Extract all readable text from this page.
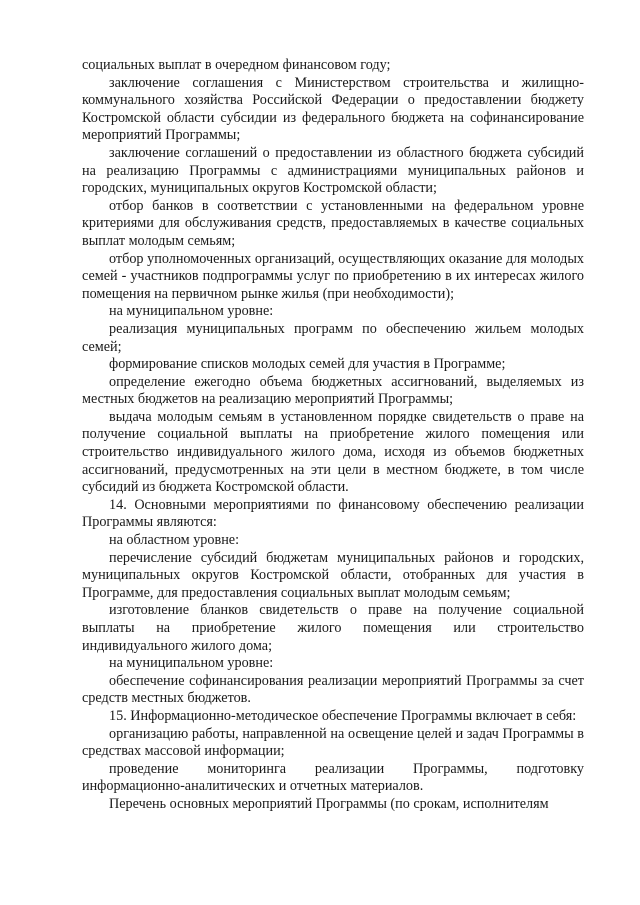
социальных выплат в очередном финансовом году;

заключение соглашения с Министерством строительства и жилищно-коммунального хозяйства Российской Федерации о предоставлении бюджету Костромской области субсидии из федерального бюджета на софинансирование мероприятий Программы;

заключение соглашений о предоставлении из областного бюджета субсидий на реализацию Программы с администрациями муниципальных районов и городских, муниципальных округов Костромской области;

отбор банков в соответствии с установленными на федеральном уровне критериями для обслуживания средств, предоставляемых в качестве социальных выплат молодым семьям;

отбор уполномоченных организаций, осуществляющих оказание для молодых семей - участников подпрограммы услуг по приобретению в их интересах жилого помещения на первичном рынке жилья (при необходимости);

на муниципальном уровне:

реализация муниципальных программ по обеспечению жильем молодых семей;

формирование списков молодых семей для участия в Программе;

определение ежегодно объема бюджетных ассигнований, выделяемых из местных бюджетов на реализацию мероприятий Программы;

выдача молодым семьям в установленном порядке свидетельств о праве на получение социальной выплаты на приобретение жилого помещения или строительство индивидуального жилого дома, исходя из объемов бюджетных ассигнований, предусмотренных на эти цели в местном бюджете, в том числе субсидий из бюджета Костромской области.

14. Основными мероприятиями по финансовому обеспечению реализации Программы являются:

на областном уровне:

перечисление субсидий бюджетам муниципальных районов и городских, муниципальных округов Костромской области, отобранных для участия в Программе, для предоставления социальных выплат молодым семьям;

изготовление бланков свидетельств о праве на получение социальной выплаты на приобретение жилого помещения или строительство индивидуального жилого дома;

на муниципальном уровне:

обеспечение софинансирования реализации мероприятий Программы за счет средств местных бюджетов.

15. Информационно-методическое обеспечение Программы включает в себя:

организацию работы, направленной на освещение целей и задач Программы в средствах массовой информации;

проведение мониторинга реализации Программы, подготовку информационно-аналитических и отчетных материалов.

Перечень основных мероприятий Программы (по срокам, исполнителям
